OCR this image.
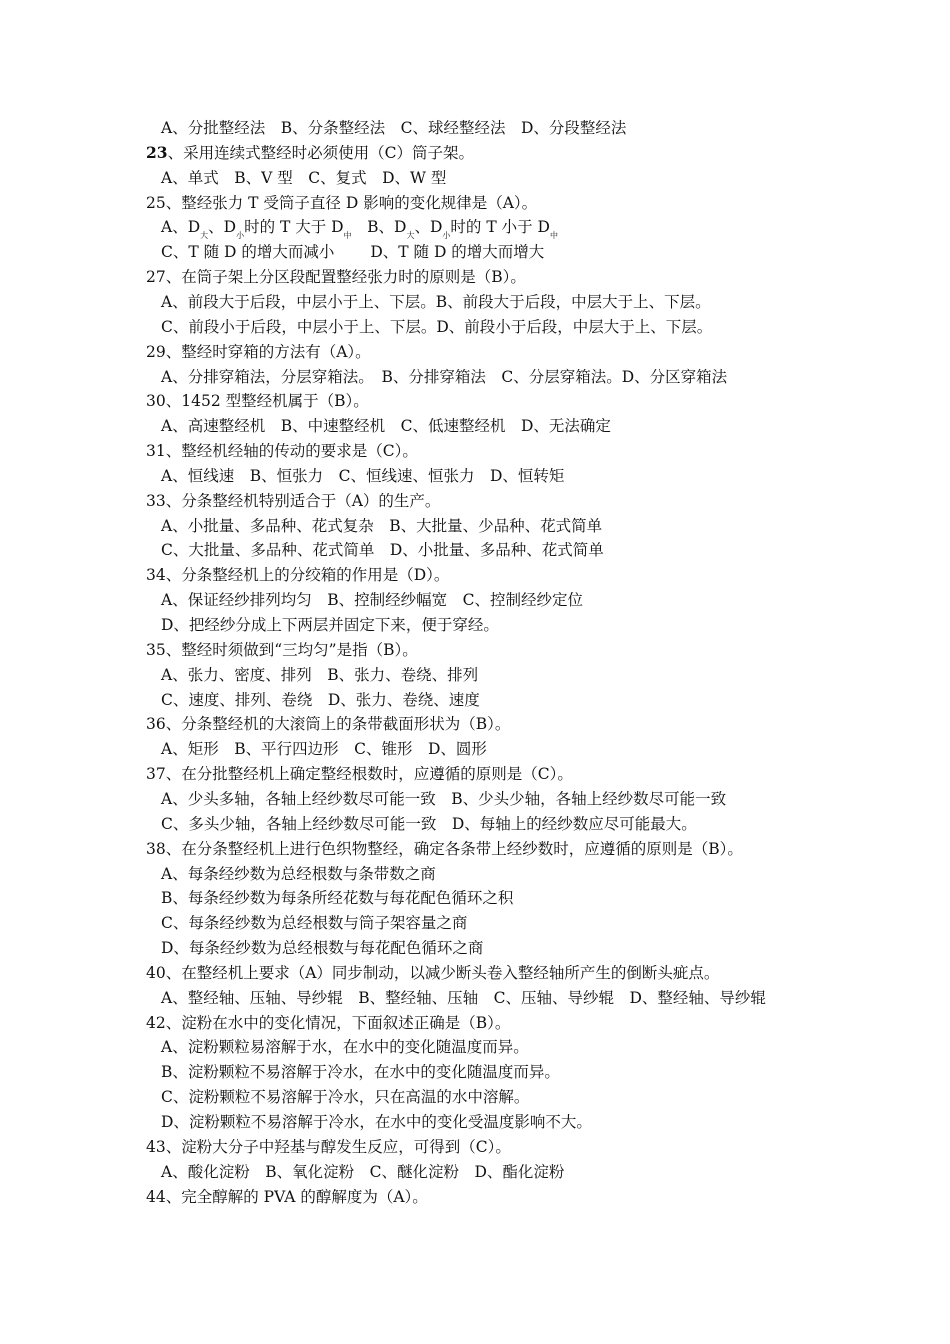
A、分批整经法　B、分条整经法　C、球经整经法　D、分段整经法
23、采用连续式整经时必须使用（C）筒子架。
A、单式　B、V 型　C、复式　D、W 型
25、整经张力 T 受筒子直径 D 影响的变化规律是（A）。
A、$D_大$、$D_小$时的 T 大于 $D_中$　B、$D_大$、$D_小$时的 T 小于 $D_中$
C、T 随 D 的增大而减小　　 D、T 随 D 的增大而增大
27、在筒子架上分区段配置整经张力时的原则是（B）。
A、前段大于后段，中层小于上、下层。B、前段大于后段，中层大于上、下层。
C、前段小于后段，中层小于上、下层。D、前段小于后段，中层大于上、下层。
29、整经时穿箱的方法有（A）。
A、分排穿箱法，分层穿箱法。　B、分排穿箱法　C、分层穿箱法。D、分区穿箱法
30、1452 型整经机属于（B）。
A、高速整经机　B、中速整经机　C、低速整经机　D、无法确定
31、整经机经轴的传动的要求是（C）。
A、恒线速　B、恒张力　C、恒线速、恒张力　D、恒转矩
33、分条整经机特别适合于（A）的生产。
A、小批量、多品种、花式复杂　B、大批量、少品种、花式简单
C、大批量、多品种、花式简单　D、小批量、多品种、花式简单
34、分条整经机上的分绞箱的作用是（D）。
A、保证经纱排列均匀　B、控制经纱幅宽　C、控制经纱定位
D、把经纱分成上下两层并固定下来，便于穿经。
35、整经时须做到“三均匀”是指（B）。
A、张力、密度、排列　B、张力、卷绕、排列
C、速度、排列、卷绕　D、张力、卷绕、速度
36、分条整经机的大滚筒上的条带截面形状为（B）。
A、矩形　B、平行四边形　C、锥形　D、圆形
37、在分批整经机上确定整经根数时，应遵循的原则是（C）。
A、少头多轴，各轴上经纱数尽可能一致　B、少头少轴，各轴上经纱数尽可能一致
C、多头少轴，各轴上经纱数尽可能一致　D、每轴上的经纱数应尽可能最大。
38、在分条整经机上进行色织物整经，确定各条带上经纱数时，应遵循的原则是（B）。
A、每条经纱数为总经根数与条带数之商
B、每条经纱数为每条所经花数与每花配色循环之积
C、每条经纱数为总经根数与筒子架容量之商
D、每条经纱数为总经根数与每花配色循环之商
40、在整经机上要求（A）同步制动，以减少断头卷入整经轴所产生的倒断头疵点。
A、整经轴、压轴、导纱辊　B、整经轴、压轴　C、压轴、导纱辊　D、整经轴、导纱辊
42、淀粉在水中的变化情况，下面叙述正确是（B）。
A、淀粉颗粒易溶解于水，在水中的变化随温度而异。
B、淀粉颗粒不易溶解于冷水，在水中的变化随温度而异。
C、淀粉颗粒不易溶解于冷水，只在高温的水中溶解。
D、淀粉颗粒不易溶解于冷水，在水中的变化受温度影响不大。
43、淀粉大分子中羟基与醇发生反应，可得到（C）。
A、酸化淀粉　B、氧化淀粉　C、醚化淀粉　D、酯化淀粉
44、完全醇解的 PVA 的醇解度为（A）。
